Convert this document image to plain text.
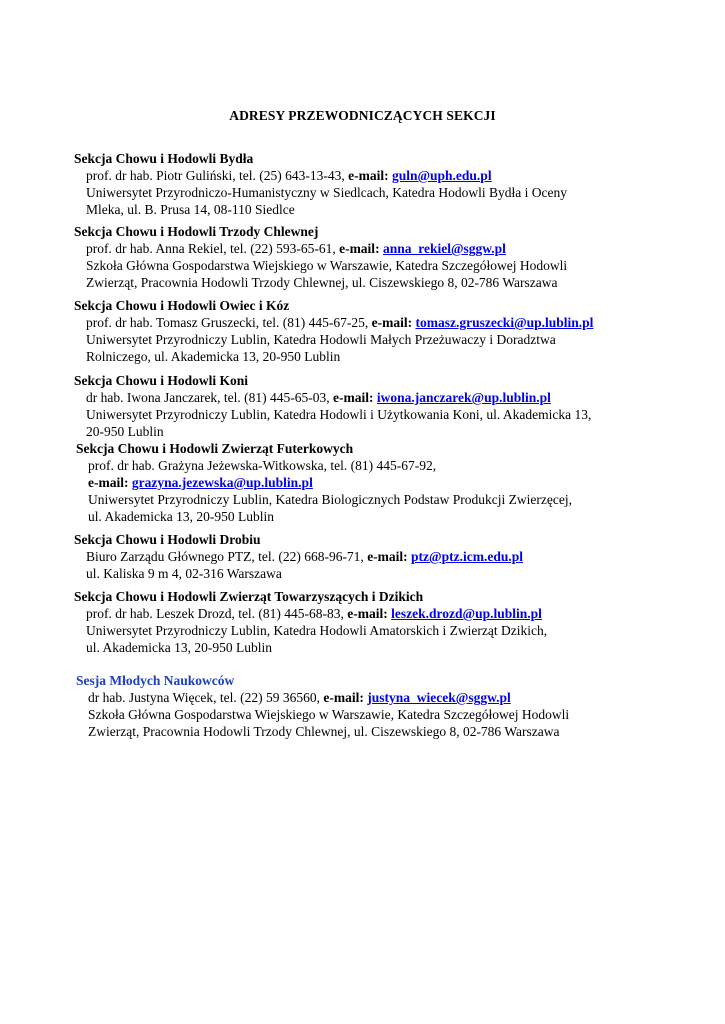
ADRESY PRZEWODNICZĄCYCH SEKCJI
Sekcja Chowu i Hodowli Bydła
prof. dr hab. Piotr Guliński, tel. (25) 643-13-43, e-mail: guln@uph.edu.pl
Uniwersytet Przyrodniczo-Humanistyczny w Siedlcach, Katedra Hodowli Bydła i Oceny
Mleka, ul. B. Prusa 14, 08-110 Siedlce
Sekcja Chowu i Hodowli Trzody Chlewnej
prof. dr hab. Anna Rekiel, tel. (22) 593-65-61, e-mail: anna_rekiel@sggw.pl
Szkoła Główna Gospodarstwa Wiejskiego w Warszawie, Katedra Szczegółowej Hodowli
Zwierząt, Pracownia Hodowli Trzody Chlewnej, ul. Ciszewskiego 8, 02-786 Warszawa
Sekcja Chowu i Hodowli Owiec i Kóz
prof. dr hab. Tomasz Gruszecki, tel. (81) 445-67-25, e-mail: tomasz.gruszecki@up.lublin.pl
Uniwersytet Przyrodniczy Lublin, Katedra Hodowli Małych Przeżuwaczy i Doradztwa
Rolniczego, ul. Akademicka 13, 20-950 Lublin
Sekcja Chowu i Hodowli Koni
dr hab. Iwona Janczarek, tel. (81) 445-65-03, e-mail: iwona.janczarek@up.lublin.pl
Uniwersytet Przyrodniczy Lublin, Katedra Hodowli i Użytkowania Koni, ul. Akademicka 13,
20-950 Lublin
Sekcja Chowu i Hodowli Zwierząt Futerkowych
prof. dr hab. Grażyna Jeżewska-Witkowska, tel. (81) 445-67-92,
e-mail: grazyna.jezewska@up.lublin.pl
Uniwersytet Przyrodniczy Lublin, Katedra Biologicznych Podstaw Produkcji Zwierzęcej,
ul. Akademicka 13, 20-950 Lublin
Sekcja Chowu i Hodowli Drobiu
Biuro Zarządu Głównego PTZ, tel. (22) 668-96-71, e-mail: ptz@ptz.icm.edu.pl
ul. Kaliska 9 m 4, 02-316 Warszawa
Sekcja Chowu i Hodowli Zwierząt Towarzyszących i Dzikich
prof. dr hab. Leszek Drozd, tel. (81) 445-68-83, e-mail: leszek.drozd@up.lublin.pl
Uniwersytet Przyrodniczy Lublin, Katedra Hodowli Amatorskich i Zwierząt Dzikich,
ul. Akademicka 13, 20-950 Lublin
Sesja Młodych Naukowców
dr hab. Justyna Więcek, tel. (22) 59 36560, e-mail: justyna_wiecek@sggw.pl
Szkoła Główna Gospodarstwa Wiejskiego w Warszawie, Katedra Szczegółowej Hodowli
Zwierząt, Pracownia Hodowli Trzody Chlewnej, ul. Ciszewskiego 8, 02-786 Warszawa
